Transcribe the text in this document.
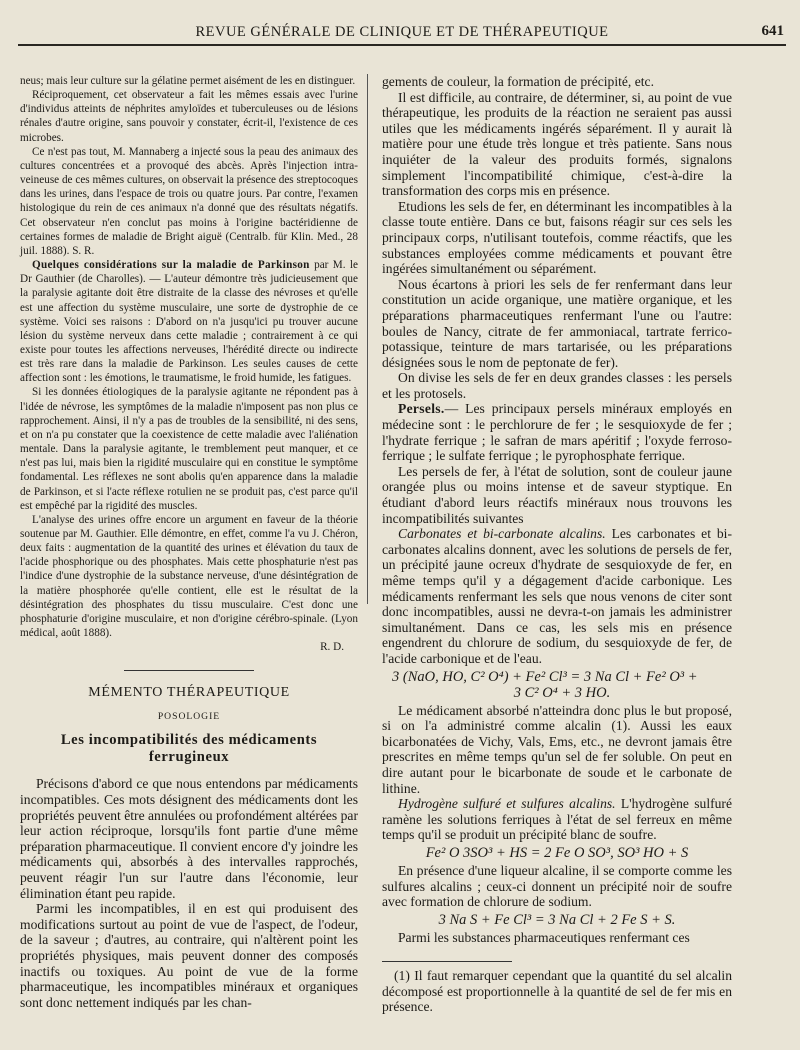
REVUE GÉNÉRALE DE CLINIQUE ET DE THÉRAPEUTIQUE	641

neus; mais leur culture sur la gélatine permet aisément de les en distinguer.

Réciproquement, cet observateur a fait les mêmes essais avec l'urine d'individus atteints de néphrites amyloïdes et tuberculeuses ou de lésions rénales d'autre origine, sans pouvoir y constater, écrit-il, l'existence de ces microbes.

Ce n'est pas tout, M. Mannaberg a injecté sous la peau des animaux des cultures concentrées et a provoqué des abcès. Après l'injection intra-veineuse de ces mêmes cultures, on observait la présence des streptocoques dans les urines, dans l'espace de trois ou quatre jours. Par contre, l'examen histologique du rein de ces animaux n'a donné que des résultats négatifs. Cet observateur n'en conclut pas moins à l'origine bactéridienne de certaines formes de maladie de Bright aiguë (Centralb. für Klin. Med., 28 juil. 1888). S. R.

Quelques considérations sur la maladie de Parkinson par M. le Dr Gauthier (de Charolles). — L'auteur démontre très judicieusement que la paralysie agitante doit être distraite de la classe des névroses et qu'elle est une affection du système musculaire, une sorte de dystrophie de ce système. Voici ses raisons : D'abord on n'a jusqu'ici pu trouver aucune lésion du système nerveux dans cette maladie ; contrairement à ce qui existe pour toutes les affections nerveuses, l'hérédité directe ou indirecte est très rare dans la maladie de Parkinson. Les seules causes de cette affection sont : les émotions, le traumatisme, le froid humide, les fatigues.

Si les données étiologiques de la paralysie agitante ne répondent pas à l'idée de névrose, les symptômes de la maladie n'imposent pas non plus ce rapprochement. Ainsi, il n'y a pas de troubles de la sensibilité, ni des sens, et on n'a pu constater que la coexistence de cette maladie avec l'aliénation mentale. Dans la paralysie agitante, le tremblement peut manquer, et ce n'est pas lui, mais bien la rigidité musculaire qui en constitue le symptôme fondamental. Les réflexes ne sont abolis qu'en apparence dans la maladie de Parkinson, et si l'acte réflexe rotulien ne se produit pas, c'est parce qu'il est empêché par la rigidité des muscles.

L'analyse des urines offre encore un argument en faveur de la théorie soutenue par M. Gauthier. Elle démontre, en effet, comme l'a vu J. Chéron, deux faits : augmentation de la quantité des urines et élévation du taux de l'acide phosphorique ou des phosphates. Mais cette phosphaturie n'est pas l'indice d'une dystrophie de la substance nerveuse, d'une désintégration de la matière phosphorée qu'elle contient, elle est le résultat de la désintégration des phosphates du tissu musculaire. C'est donc une phosphaturie d'origine musculaire, et non d'origine cérébro-spinale. (Lyon médical, août 1888).

R. D.

MÉMENTO THÉRAPEUTIQUE
POSOLOGIE
Les incompatibilités des médicaments ferrugineux

Précisons d'abord ce que nous entendons par médicaments incompatibles. Ces mots désignent des médicaments dont les propriétés peuvent être annulées ou profondément altérées par leur action réciproque, lorsqu'ils font partie d'une même préparation pharmaceutique. Il convient encore d'y joindre les médicaments qui, absorbés à des intervalles rapprochés, peuvent réagir l'un sur l'autre dans l'économie, leur élimination étant peu rapide.

Parmi les incompatibles, il en est qui produisent des modifications surtout au point de vue de l'aspect, de l'odeur, de la saveur ; d'autres, au contraire, qui n'altèrent point les propriétés physiques, mais peuvent donner des composés inactifs ou toxiques. Au point de vue de la forme pharmaceutique, les incompatibles minéraux et organiques sont donc nettement indiqués par les chan-

gements de couleur, la formation de précipité, etc.

Il est difficile, au contraire, de déterminer, si, au point de vue thérapeutique, les produits de la réaction ne seraient pas aussi utiles que les médicaments ingérés séparément. Il y aurait là matière pour une étude très longue et très patiente. Sans nous inquiéter de la valeur des produits formés, signalons simplement l'incompatibilité chimique, c'est-à-dire la transformation des corps mis en présence.

Etudions les sels de fer, en déterminant les incompatibles à la classe toute entière. Dans ce but, faisons réagir sur ces sels les principaux corps, n'utilisant toutefois, comme réactifs, que les substances employées comme médicaments et pouvant être ingérées simultanément ou séparément.

Nous écartons à priori les sels de fer renfermant dans leur constitution un acide organique, une matière organique, et les préparations pharmaceutiques renfermant l'une ou l'autre: boules de Nancy, citrate de fer ammoniacal, tartrate ferrico-potassique, teinture de mars tartarisée, ou les préparations désignées sous le nom de peptonate de fer).

On divise les sels de fer en deux grandes classes : les persels et les protosels.

Persels.— Les principaux persels minéraux employés en médecine sont : le perchlorure de fer ; le sesquioxyde de fer ; l'hydrate ferrique ; le safran de mars apéritif ; l'oxyde ferroso-ferrique ; le sulfate ferrique ; le pyrophosphate ferrique.

Les persels de fer, à l'état de solution, sont de couleur jaune orangée plus ou moins intense et de saveur styptique. En étudiant d'abord leurs réactifs minéraux nous trouvons les incompatibilités suivantes

Carbonates et bi-carbonate alcalins. Les carbonates et bi-carbonates alcalins donnent, avec les solutions de persels de fer, un précipité jaune ocreux d'hydrate de sesquioxyde de fer, en même temps qu'il y a dégagement d'acide carbonique. Les médicaments renfermant les sels que nous venons de citer sont donc incompatibles, aussi ne devra-t-on jamais les administrer simultanément. Dans ce cas, les sels mis en présence engendrent du chlorure de sodium, du sesquioxyde de fer, de l'acide carbonique et de l'eau.

3 (NaO, HO, C² O⁴) + Fe² Cl³ = 3 Na Cl + Fe² O³ +
3 C² O⁴ + 3 HO.

Le médicament absorbé n'atteindra donc plus le but proposé, si on l'a administré comme alcalin (1). Aussi les eaux bicarbonatées de Vichy, Vals, Ems, etc., ne devront jamais être prescrites en même temps qu'un sel de fer soluble. On peut en dire autant pour le bicarbonate de soude et le carbonate de lithine.

Hydrogène sulfuré et sulfures alcalins. L'hydrogène sulfuré ramène les solutions ferriques à l'état de sel ferreux en même temps qu'il se produit un précipité blanc de soufre.

Fe² O 3SO³ + HS = 2 Fe O SO³, SO³ HO + S

En présence d'une liqueur alcaline, il se comporte comme les sulfures alcalins ; ceux-ci donnent un précipité noir de soufre avec formation de chlorure de sodium.

3 Na S + Fe Cl³ = 3 Na Cl + 2 Fe S + S.

Parmi les substances pharmaceutiques renfermant ces

(1) Il faut remarquer cependant que la quantité du sel alcalin décomposé est proportionnelle à la quantité de sel de fer mis en présence.
